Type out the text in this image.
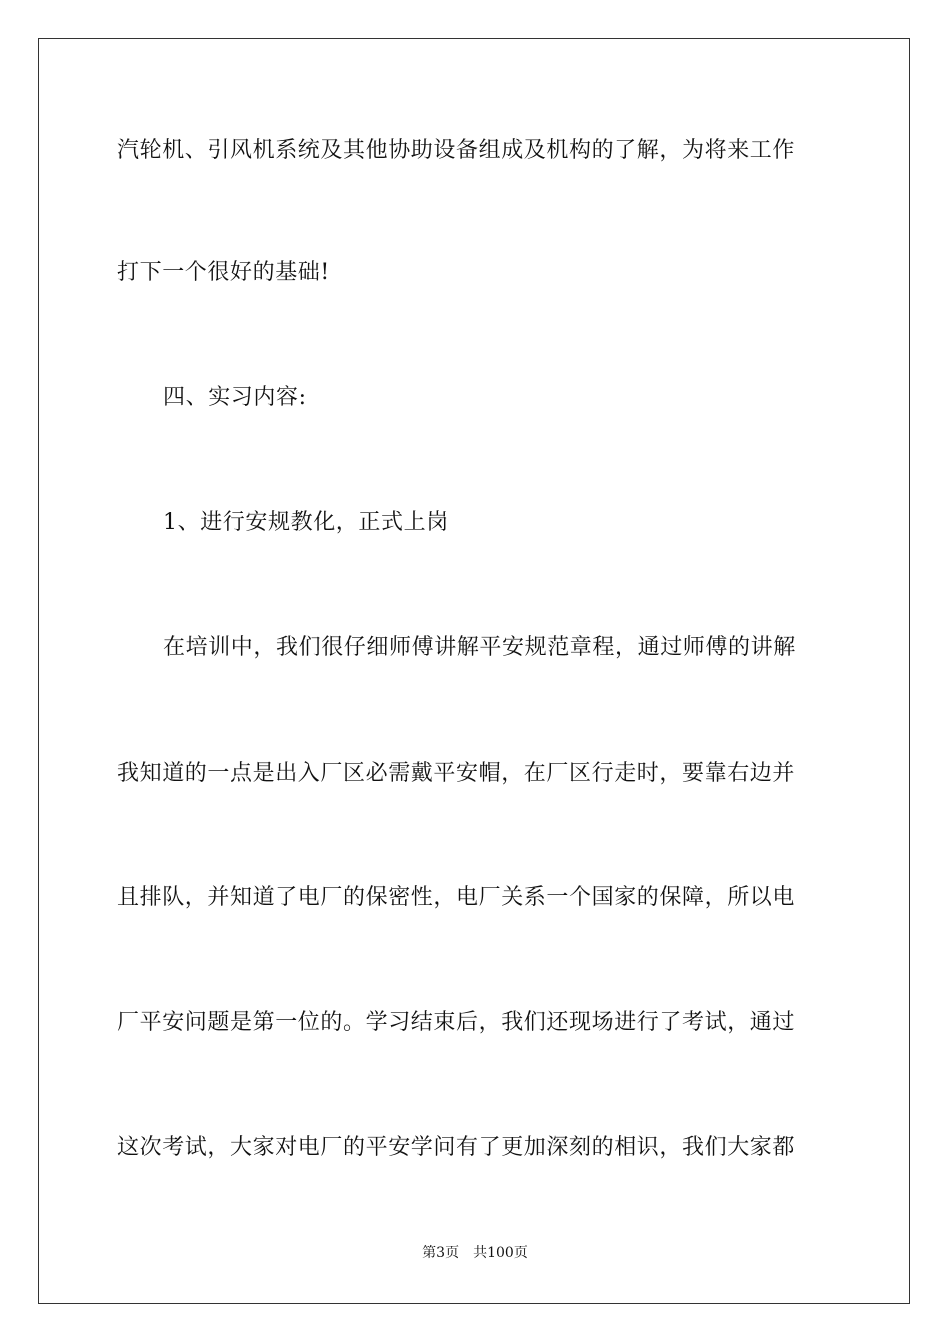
汽轮机、引风机系统及其他协助设备组成及机构的了解，为将来工作
打下一个很好的基础!
四、实习内容:
1、进行安规教化，正式上岗
在培训中，我们很仔细师傅讲解平安规范章程，通过师傅的讲解
我知道的一点是出入厂区必需戴平安帽，在厂区行走时，要靠右边并
且排队，并知道了电厂的保密性，电厂关系一个国家的保障，所以电
厂平安问题是第一位的。学习结束后，我们还现场进行了考试，通过
这次考试，大家对电厂的平安学问有了更加深刻的相识，我们大家都
第3页 共100页
